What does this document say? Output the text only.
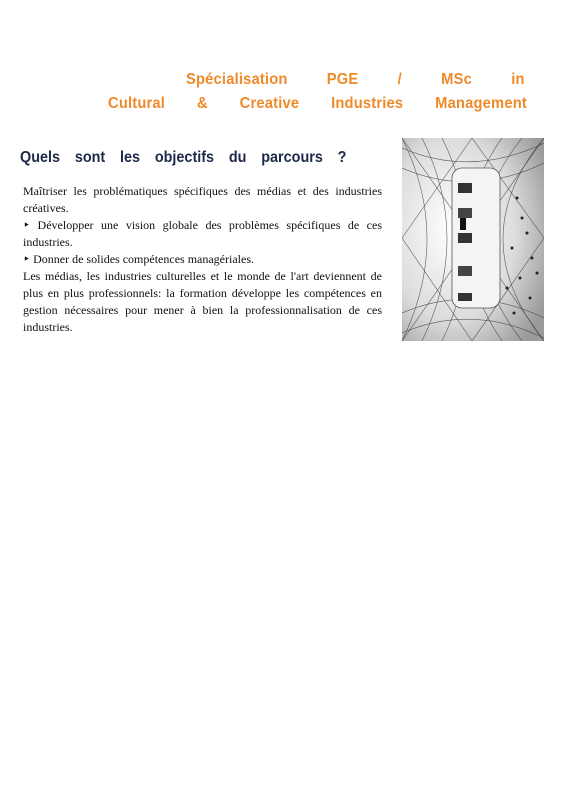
Spécialisation PGE / MSc in
Cultural & Creative Industries Management
Quels sont les objectifs du parcours ?

Maîtriser les problématiques spécifiques des médias et des industries créatives.

‣ Développer une vision globale des problèmes spécifiques de ces industries.

‣ Donner de solides compétences managériales.

Les médias, les industries culturelles et le monde de l'art deviennent de plus en plus professionnels: la formation développe les compétences en gestion nécessaires pour mener à bien la professionnalisation de ces industries.
